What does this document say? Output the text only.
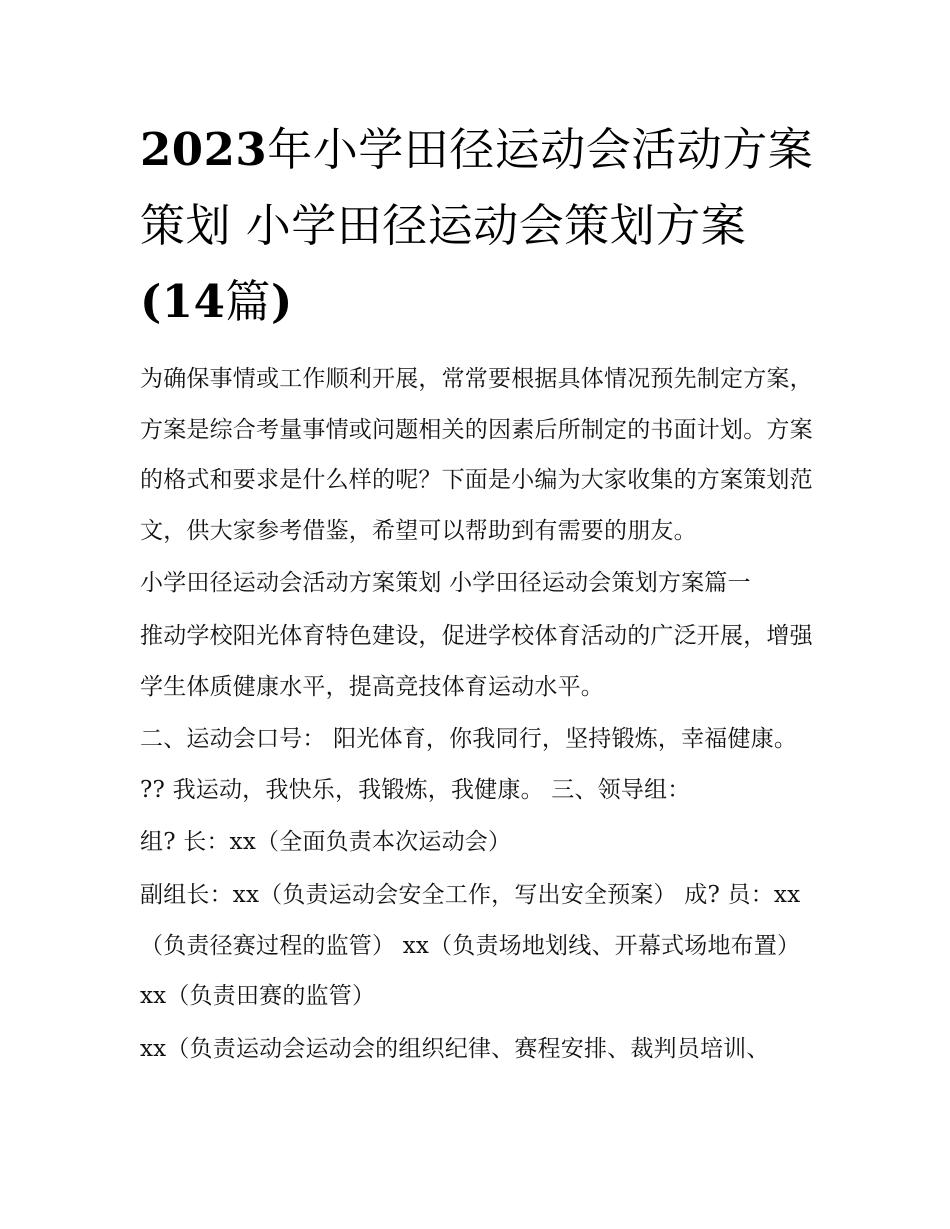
2023年小学田径运动会活动方案策划 小学田径运动会策划方案(14篇)

为确保事情或工作顺利开展，常常要根据具体情况预先制定方案，方案是综合考量事情或问题相关的因素后所制定的书面计划。方案的格式和要求是什么样的呢？下面是小编为大家收集的方案策划范文，供大家参考借鉴，希望可以帮助到有需要的朋友。

小学田径运动会活动方案策划 小学田径运动会策划方案篇一

推动学校阳光体育特色建设，促进学校体育活动的广泛开展，增强学生体质健康水平，提高竞技体育运动水平。

二、运动会口号： 阳光体育，你我同行，坚持锻炼，幸福健康。 ?? 我运动，我快乐，我锻炼，我健康。 三、领导组：

组? 长：xx（全面负责本次运动会）

副组长：xx（负责运动会安全工作，写出安全预案） 成? 员：xx（负责径赛过程的监管） xx（负责场地划线、开幕式场地布置） xx（负责田赛的监管）

xx（负责运动会运动会的组织纪律、赛程安排、裁判员培训、
